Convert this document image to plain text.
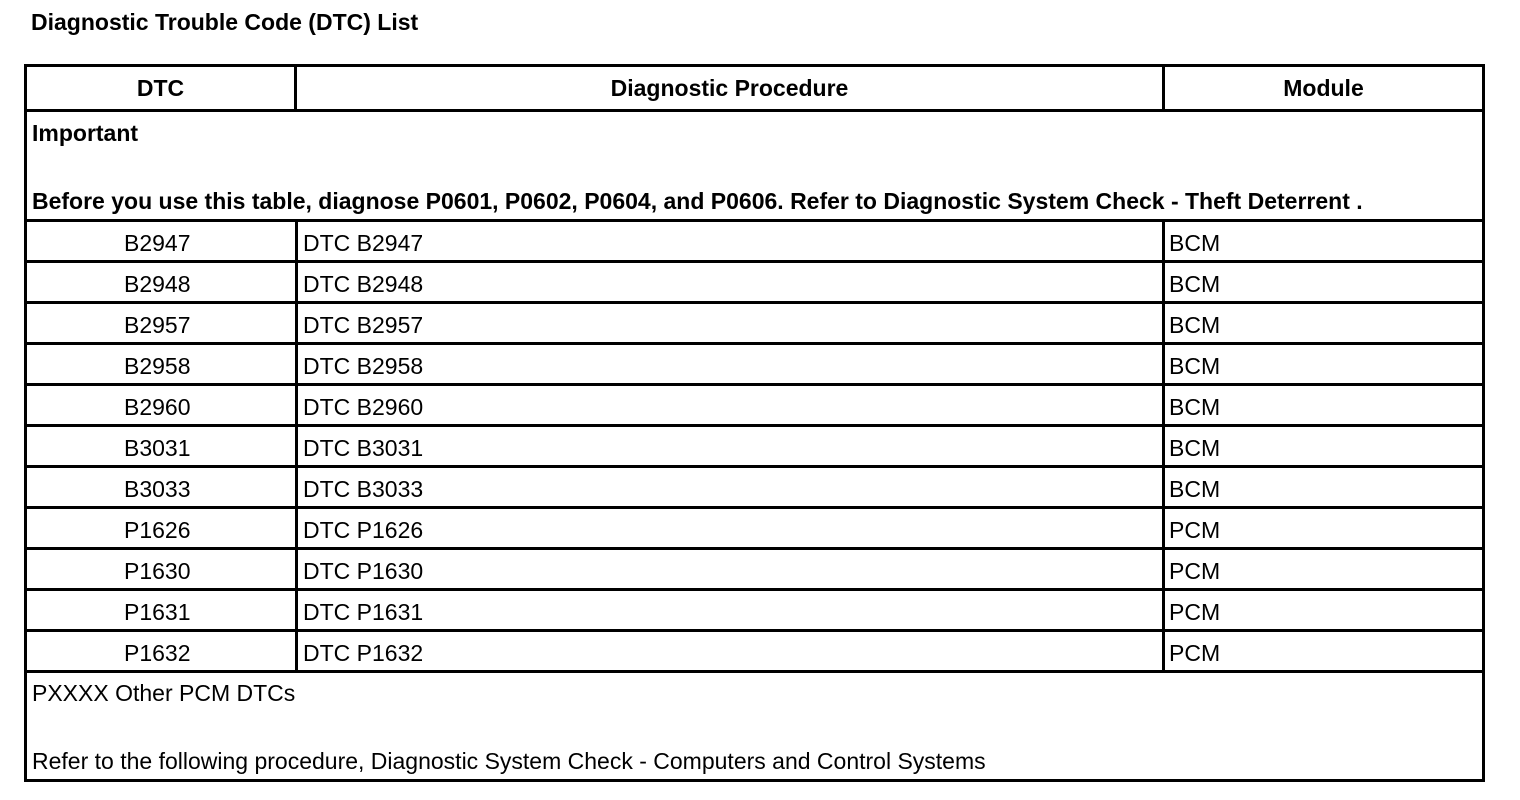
Diagnostic Trouble Code (DTC) List
DTC	Diagnostic Procedure	Module
Important
Before you use this table, diagnose P0601, P0602, P0604, and P0606. Refer to Diagnostic System Check - Theft Deterrent .
B2947	DTC B2947	BCM
B2948	DTC B2948	BCM
B2957	DTC B2957	BCM
B2958	DTC B2958	BCM
B2960	DTC B2960	BCM
B3031	DTC B3031	BCM
B3033	DTC B3033	BCM
P1626	DTC P1626	PCM
P1630	DTC P1630	PCM
P1631	DTC P1631	PCM
P1632	DTC P1632	PCM
PXXXX Other PCM DTCs
Refer to the following procedure, Diagnostic System Check - Computers and Control Systems
